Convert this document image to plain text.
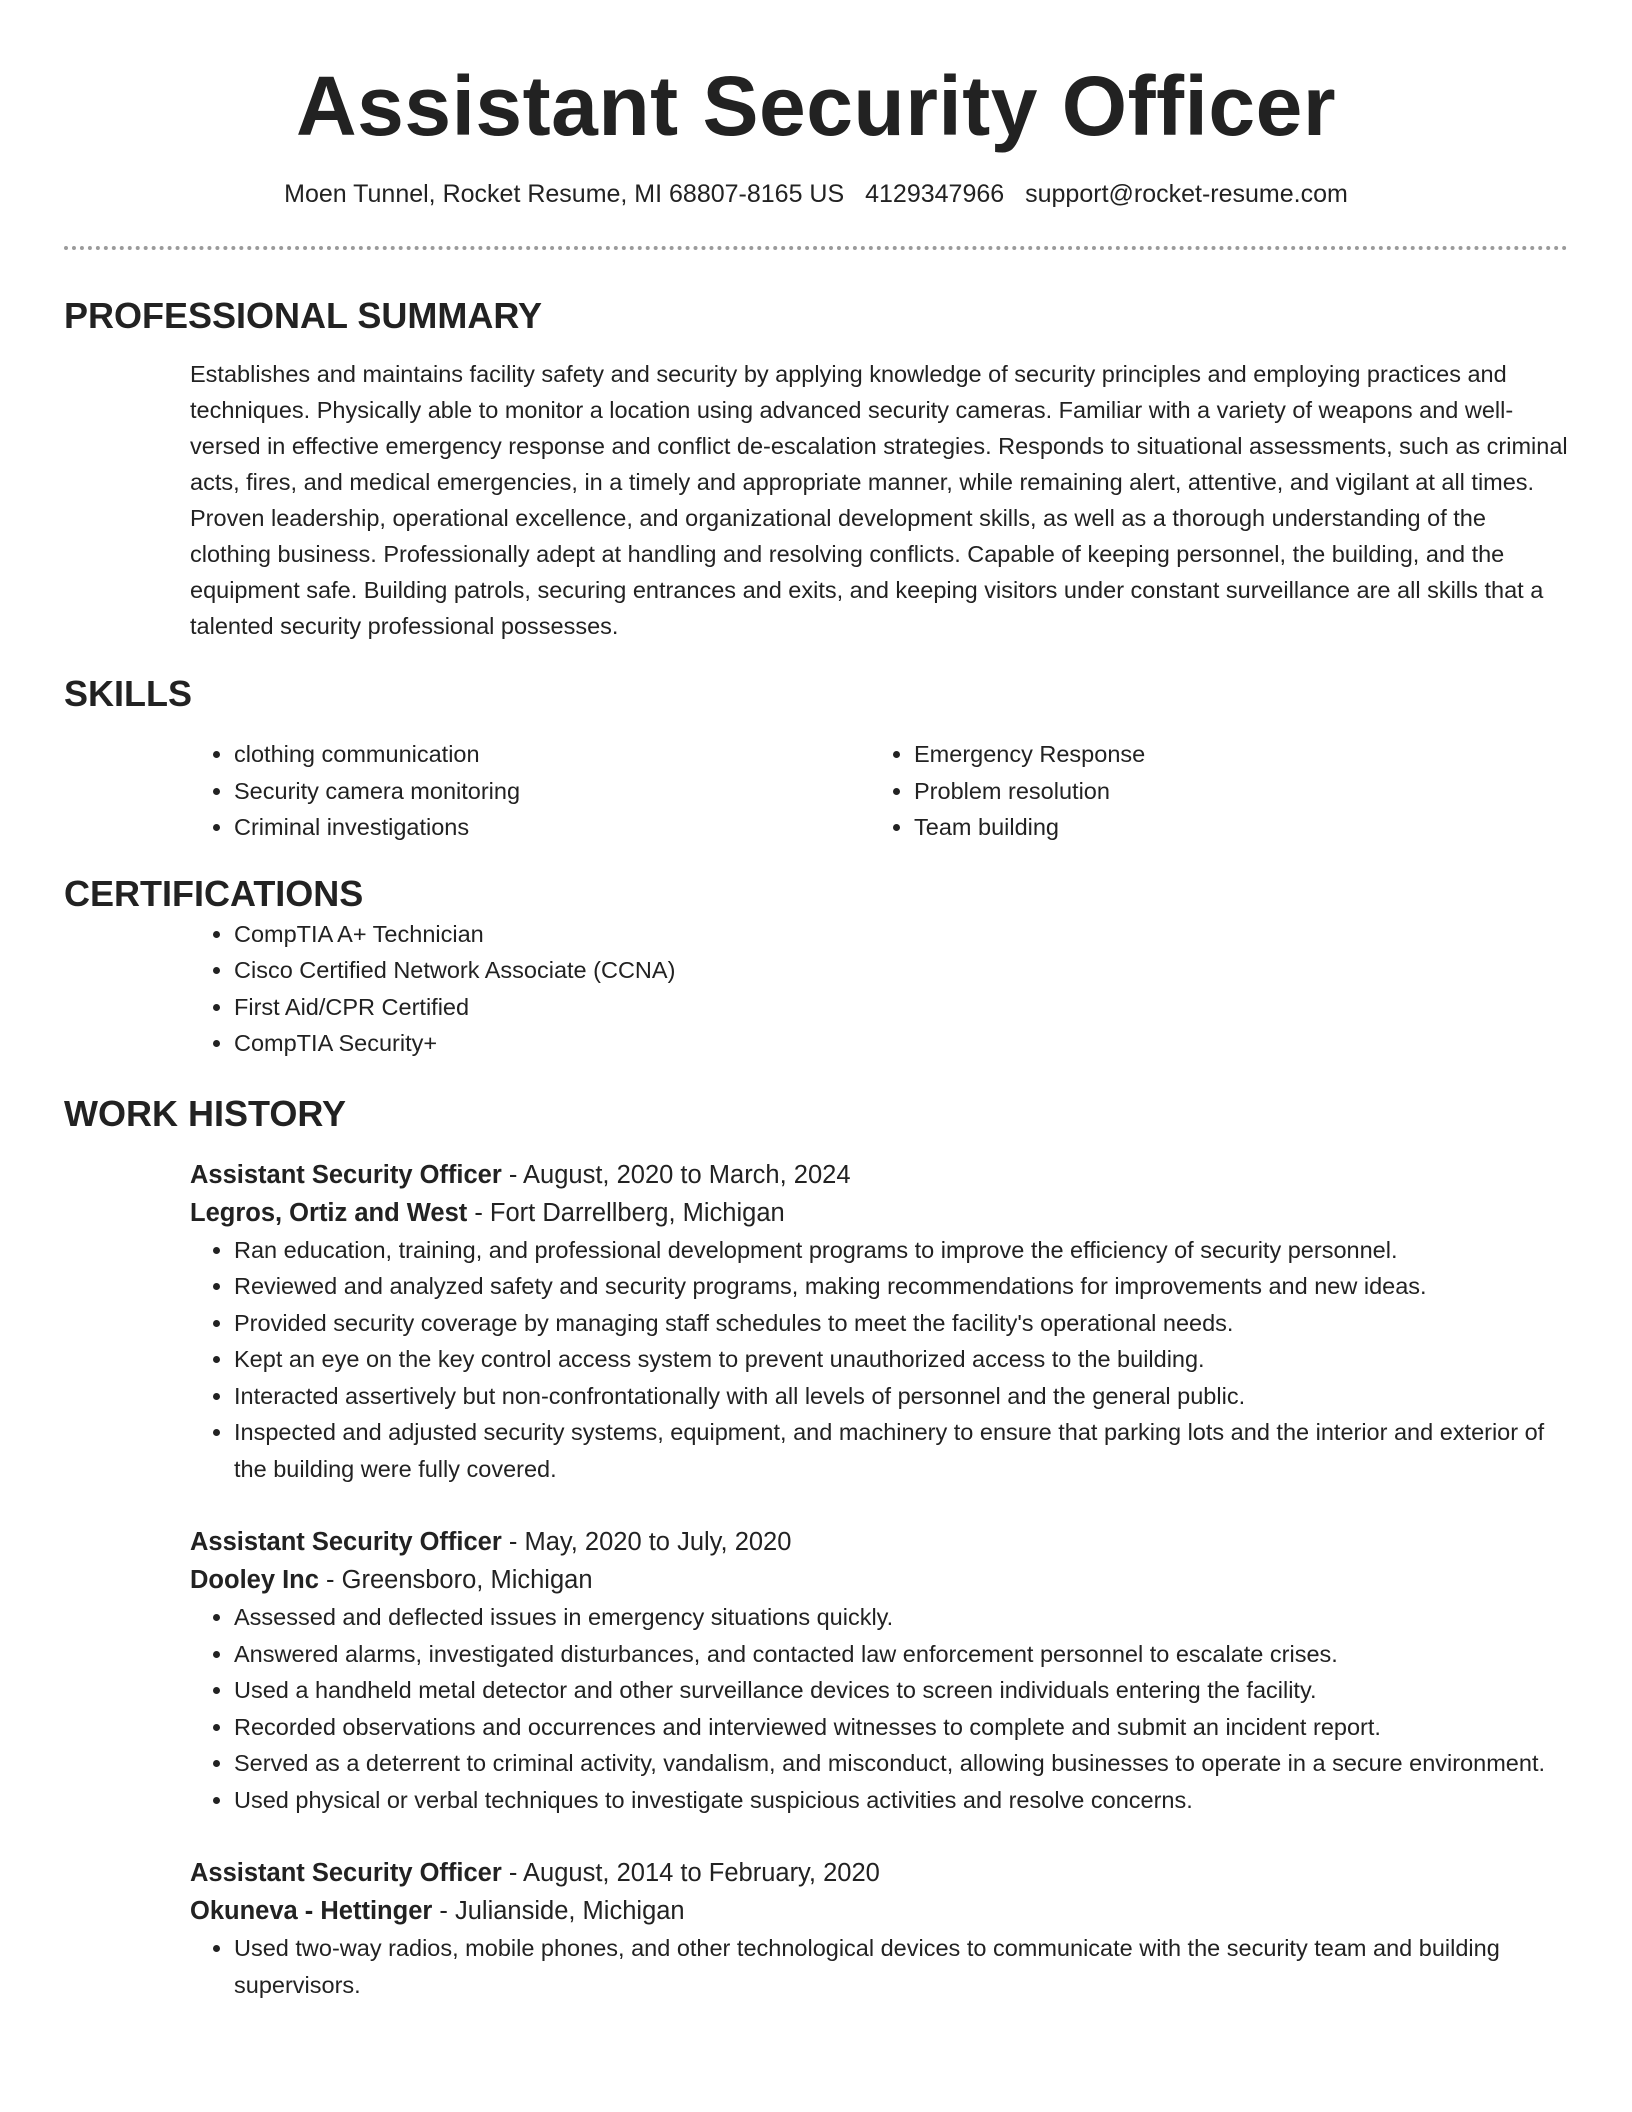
Assistant Security Officer
Moen Tunnel, Rocket Resume, MI 68807-8165 US 4129347966 support@rocket-resume.com
PROFESSIONAL SUMMARY
Establishes and maintains facility safety and security by applying knowledge of security principles and employing practices and techniques. Physically able to monitor a location using advanced security cameras. Familiar with a variety of weapons and well-versed in effective emergency response and conflict de-escalation strategies. Responds to situational assessments, such as criminal acts, fires, and medical emergencies, in a timely and appropriate manner, while remaining alert, attentive, and vigilant at all times. Proven leadership, operational excellence, and organizational development skills, as well as a thorough understanding of the clothing business. Professionally adept at handling and resolving conflicts. Capable of keeping personnel, the building, and the equipment safe. Building patrols, securing entrances and exits, and keeping visitors under constant surveillance are all skills that a talented security professional possesses.
SKILLS
• clothing communication
• Security camera monitoring
• Criminal investigations
• Emergency Response
• Problem resolution
• Team building
CERTIFICATIONS
• CompTIA A+ Technician
• Cisco Certified Network Associate (CCNA)
• First Aid/CPR Certified
• CompTIA Security+
WORK HISTORY
Assistant Security Officer - August, 2020 to March, 2024
Legros, Ortiz and West - Fort Darrellberg, Michigan
• Ran education, training, and professional development programs to improve the efficiency of security personnel.
• Reviewed and analyzed safety and security programs, making recommendations for improvements and new ideas.
• Provided security coverage by managing staff schedules to meet the facility's operational needs.
• Kept an eye on the key control access system to prevent unauthorized access to the building.
• Interacted assertively but non-confrontationally with all levels of personnel and the general public.
• Inspected and adjusted security systems, equipment, and machinery to ensure that parking lots and the interior and exterior of the building were fully covered.
Assistant Security Officer - May, 2020 to July, 2020
Dooley Inc - Greensboro, Michigan
• Assessed and deflected issues in emergency situations quickly.
• Answered alarms, investigated disturbances, and contacted law enforcement personnel to escalate crises.
• Used a handheld metal detector and other surveillance devices to screen individuals entering the facility.
• Recorded observations and occurrences and interviewed witnesses to complete and submit an incident report.
• Served as a deterrent to criminal activity, vandalism, and misconduct, allowing businesses to operate in a secure environment.
• Used physical or verbal techniques to investigate suspicious activities and resolve concerns.
Assistant Security Officer - August, 2014 to February, 2020
Okuneva - Hettinger - Julianside, Michigan
• Used two-way radios, mobile phones, and other technological devices to communicate with the security team and building supervisors.
